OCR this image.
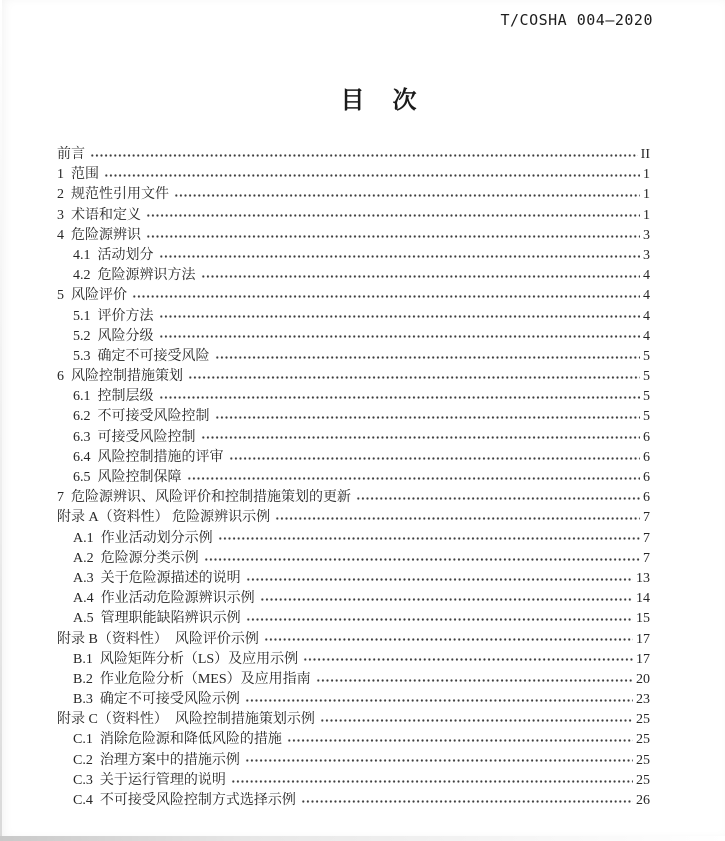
T/COSHA 004—2020
目　次
前言	II
1  范围	1
2  规范性引用文件	1
3  术语和定义	1
4  危险源辨识	3
4.1  活动划分	3
4.2  危险源辨识方法	4
5  风险评价	4
5.1  评价方法	4
5.2  风险分级	4
5.3  确定不可接受风险	5
6  风险控制措施策划	5
6.1  控制层级	5
6.2  不可接受风险控制	5
6.3  可接受风险控制	6
6.4  风险控制措施的评审	6
6.5  风险控制保障	6
7  危险源辨识、风险评价和控制措施策划的更新	6
附录 A（资料性） 危险源辨识示例	7
A.1  作业活动划分示例	7
A.2  危险源分类示例	7
A.3  关于危险源描述的说明	13
A.4  作业活动危险源辨识示例	14
A.5  管理职能缺陷辨识示例	15
附录 B（资料性）　风险评价示例	17
B.1  风险矩阵分析（LS）及应用示例	17
B.2  作业危险分析（MES）及应用指南	20
B.3  确定不可接受风险示例	23
附录 C（资料性）　风险控制措施策划示例	25
C.1  消除危险源和降低风险的措施	25
C.2  治理方案中的措施示例	25
C.3  关于运行管理的说明	25
C.4  不可接受风险控制方式选择示例	26
